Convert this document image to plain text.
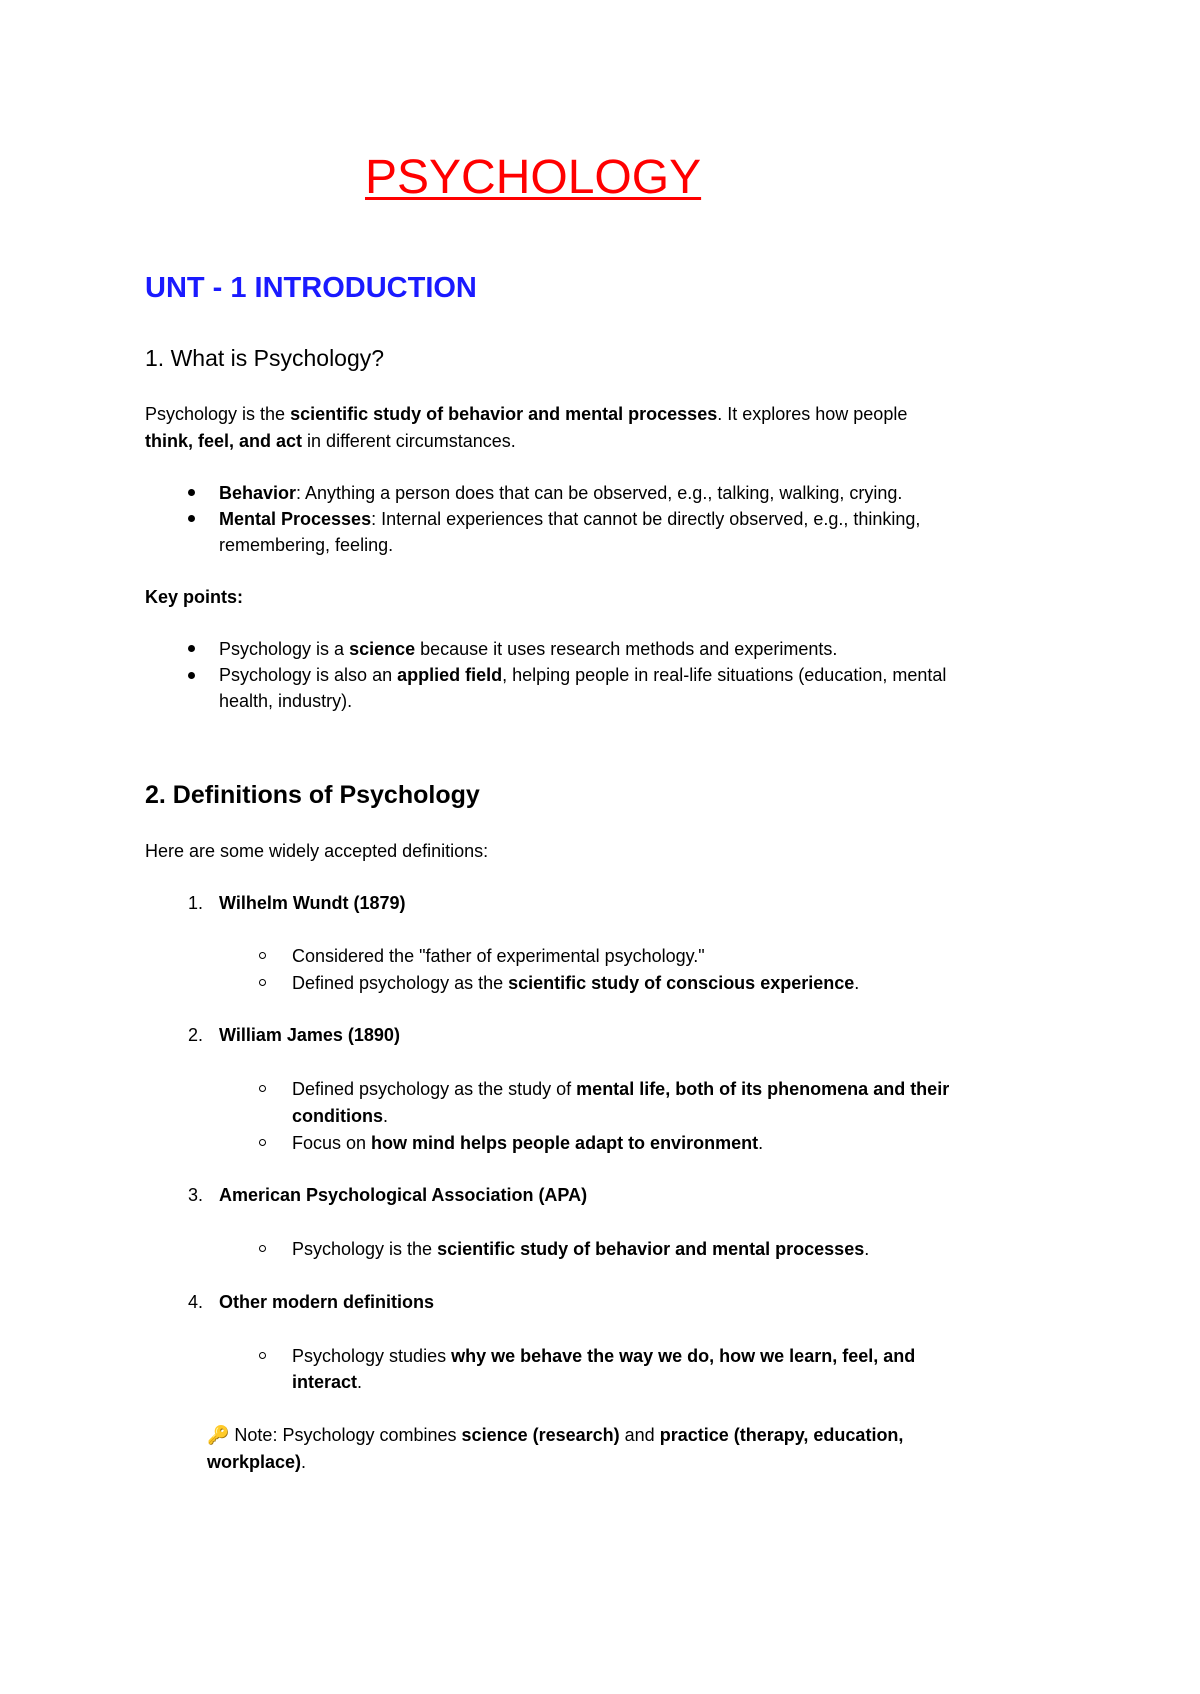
PSYCHOLOGY
UNT - 1 INTRODUCTION
1. What is Psychology?

Psychology is the scientific study of behavior and mental processes. It explores how people

think, feel, and act in different circumstances.

Behavior: Anything a person does that can be observed, e.g., talking, walking, crying.

Mental Processes: Internal experiences that cannot be directly observed, e.g., thinking,

remembering, feeling.

Key points:

Psychology is a science because it uses research methods and experiments.

Psychology is also an applied field, helping people in real-life situations (education, mental

health, industry).

2. Definitions of Psychology

Here are some widely accepted definitions:

1. Wilhelm Wundt (1879)

Considered the "father of experimental psychology."

Defined psychology as the scientific study of conscious experience.

2. William James (1890)

Defined psychology as the study of mental life, both of its phenomena and their

conditions.

Focus on how mind helps people adapt to environment.

3. American Psychological Association (APA)

Psychology is the scientific study of behavior and mental processes.

4. Other modern definitions

Psychology studies why we behave the way we do, how we learn, feel, and

interact.

🔑 Note: Psychology combines science (research) and practice (therapy, education,

workplace).
